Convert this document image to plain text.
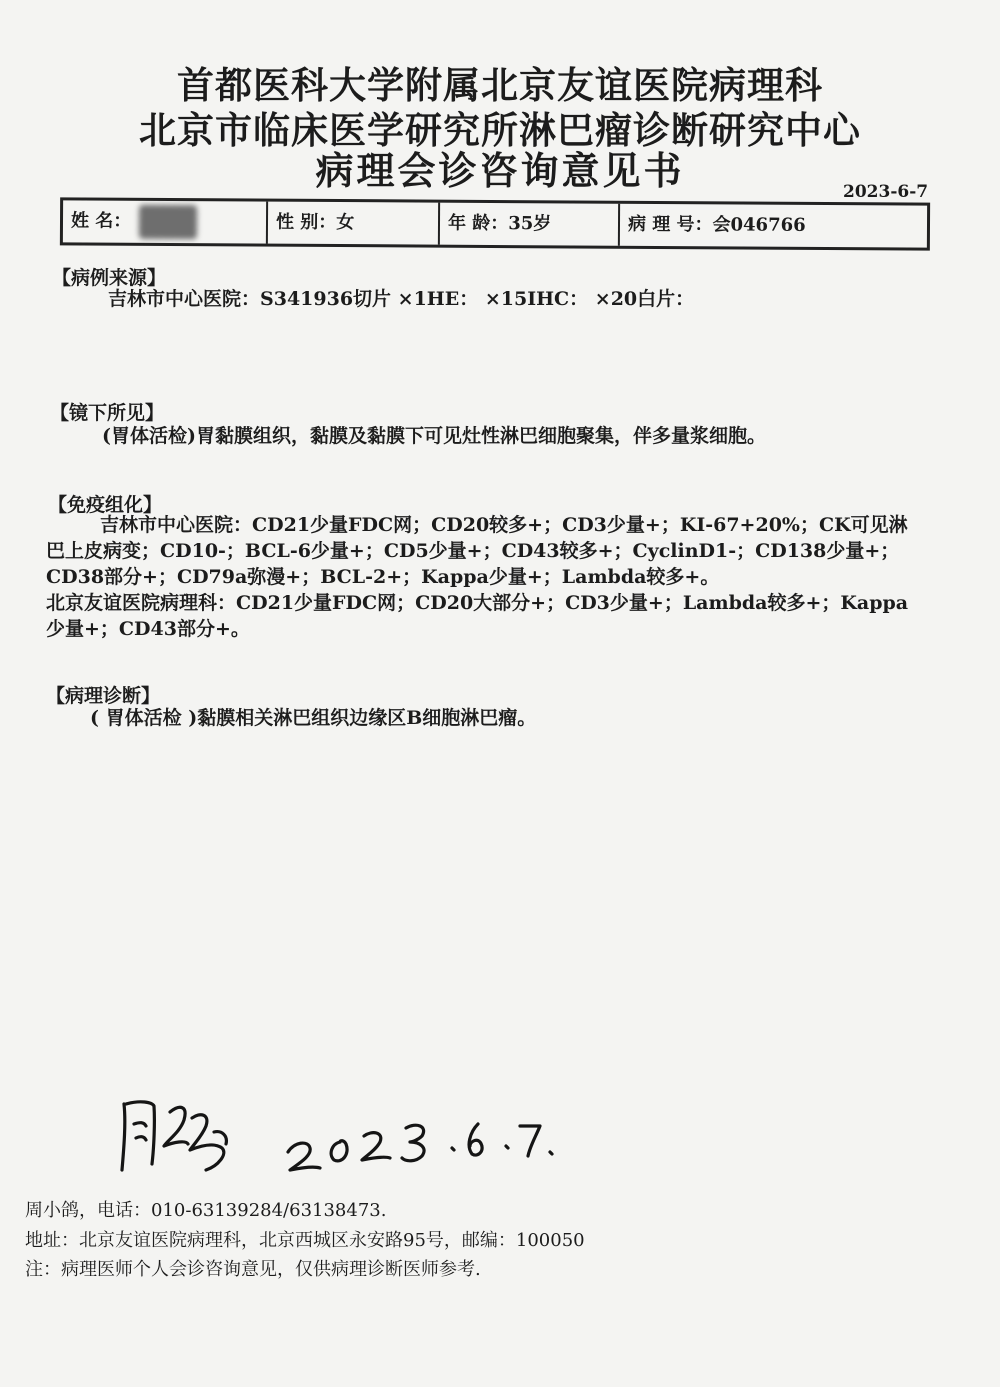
首都医科大学附属北京友谊医院病理科
北京市临床医学研究所淋巴瘤诊断研究中心
病理会诊咨询意见书	2023-6-7
姓 名：	性 别：女	年 龄：35岁	病 理 号：会046766
【病例来源】
吉林市中心医院：S341936切片 ×1HE： ×15IHC： ×20白片：
【镜下所见】
(胃体活检)胃黏膜组织，黏膜及黏膜下可见灶性淋巴细胞聚集，伴多量浆细胞。
【免疫组化】
吉林市中心医院：CD21少量FDC网；CD20较多+；CD3少量+；KI-67+20%；CK可见淋
巴上皮病变；CD10-；BCL-6少量+；CD5少量+；CD43较多+；CyclinD1-；CD138少量+；
CD38部分+；CD79a弥漫+；BCL-2+；Kappa少量+；Lambda较多+。
北京友谊医院病理科：CD21少量FDC网；CD20大部分+；CD3少量+；Lambda较多+；Kappa
少量+；CD43部分+。
【病理诊断】
( 胃体活检 )黏膜相关淋巴组织边缘区B细胞淋巴瘤。
周小鸽，电话：010-63139284/63138473.
地址：北京友谊医院病理科，北京西城区永安路95号，邮编：100050
注：病理医师个人会诊咨询意见，仅供病理诊断医师参考.
